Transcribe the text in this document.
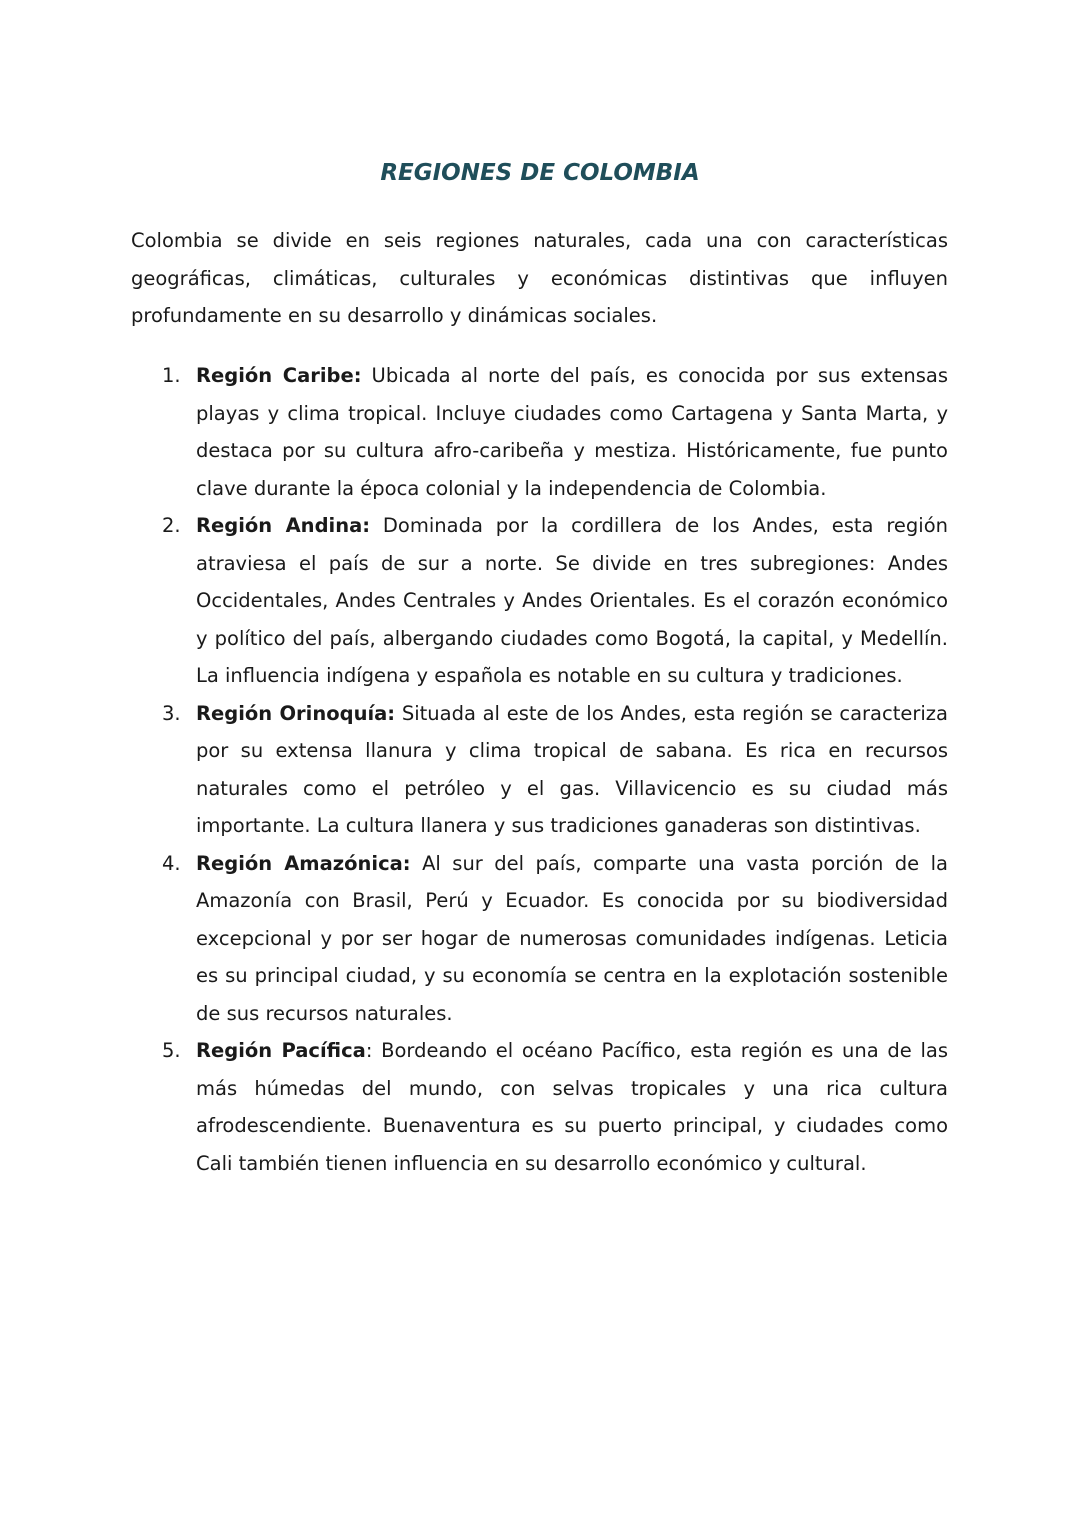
REGIONES DE COLOMBIA

Colombia se divide en seis regiones naturales, cada una con características geográficas, climáticas, culturales y económicas distintivas que influyen profundamente en su desarrollo y dinámicas sociales.

1. Región Caribe: Ubicada al norte del país, es conocida por sus extensas playas y clima tropical. Incluye ciudades como Cartagena y Santa Marta, y destaca por su cultura afro-caribeña y mestiza. Históricamente, fue punto clave durante la época colonial y la independencia de Colombia.
2. Región Andina: Dominada por la cordillera de los Andes, esta región atraviesa el país de sur a norte. Se divide en tres subregiones: Andes Occidentales, Andes Centrales y Andes Orientales. Es el corazón económico y político del país, albergando ciudades como Bogotá, la capital, y Medellín. La influencia indígena y española es notable en su cultura y tradiciones.
3. Región Orinoquía: Situada al este de los Andes, esta región se caracteriza por su extensa llanura y clima tropical de sabana. Es rica en recursos naturales como el petróleo y el gas. Villavicencio es su ciudad más importante. La cultura llanera y sus tradiciones ganaderas son distintivas.
4. Región Amazónica: Al sur del país, comparte una vasta porción de la Amazonía con Brasil, Perú y Ecuador. Es conocida por su biodiversidad excepcional y por ser hogar de numerosas comunidades indígenas. Leticia es su principal ciudad, y su economía se centra en la explotación sostenible de sus recursos naturales.
5. Región Pacífica: Bordeando el océano Pacífico, esta región es una de las más húmedas del mundo, con selvas tropicales y una rica cultura afrodescendiente. Buenaventura es su puerto principal, y ciudades como Cali también tienen influencia en su desarrollo económico y cultural.
